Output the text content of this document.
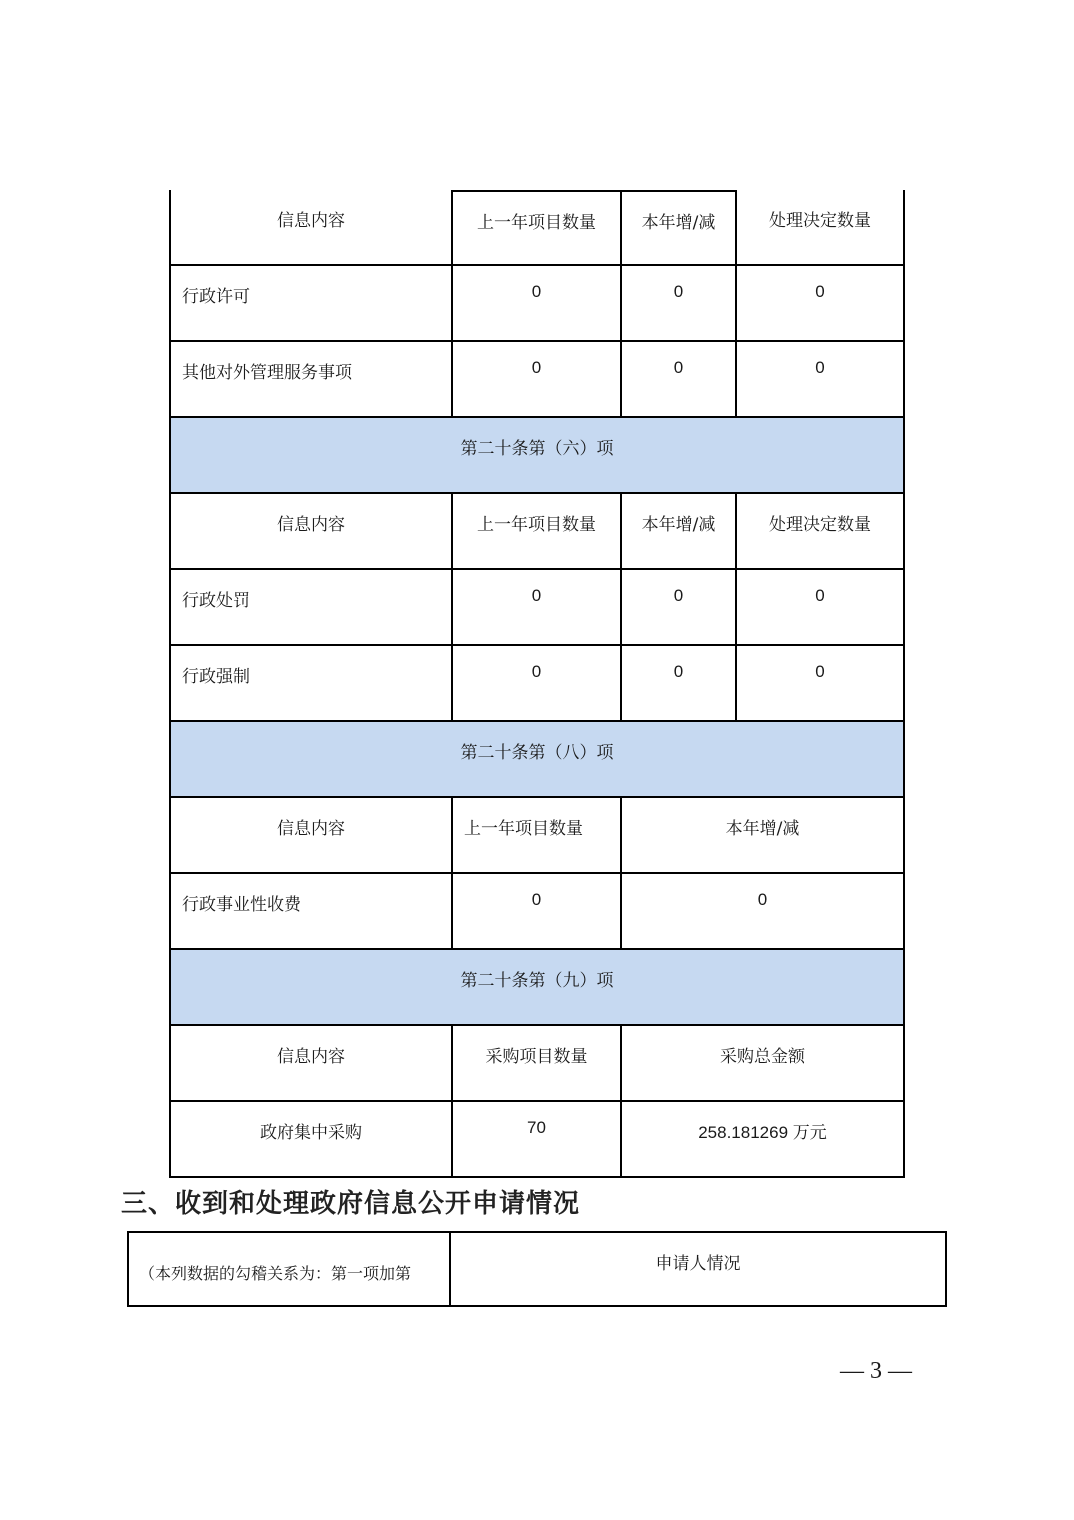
信息内容	上一年项目数量	本年增/减	处理决定数量
行政许可	0	0	0
其他对外管理服务事项	0	0	0
第二十条第（六）项
信息内容	上一年项目数量	本年增/减	处理决定数量
行政处罚	0	0	0
行政强制	0	0	0
第二十条第（八）项
信息内容	上一年项目数量	本年增/减
行政事业性收费	0	0
第二十条第（九）项
信息内容	采购项目数量	采购总金额
政府集中采购	70	258.181269 万元
三、收到和处理政府信息公开申请情况
（本列数据的勾稽关系为：第一项加第	申请人情况
— 3 —
